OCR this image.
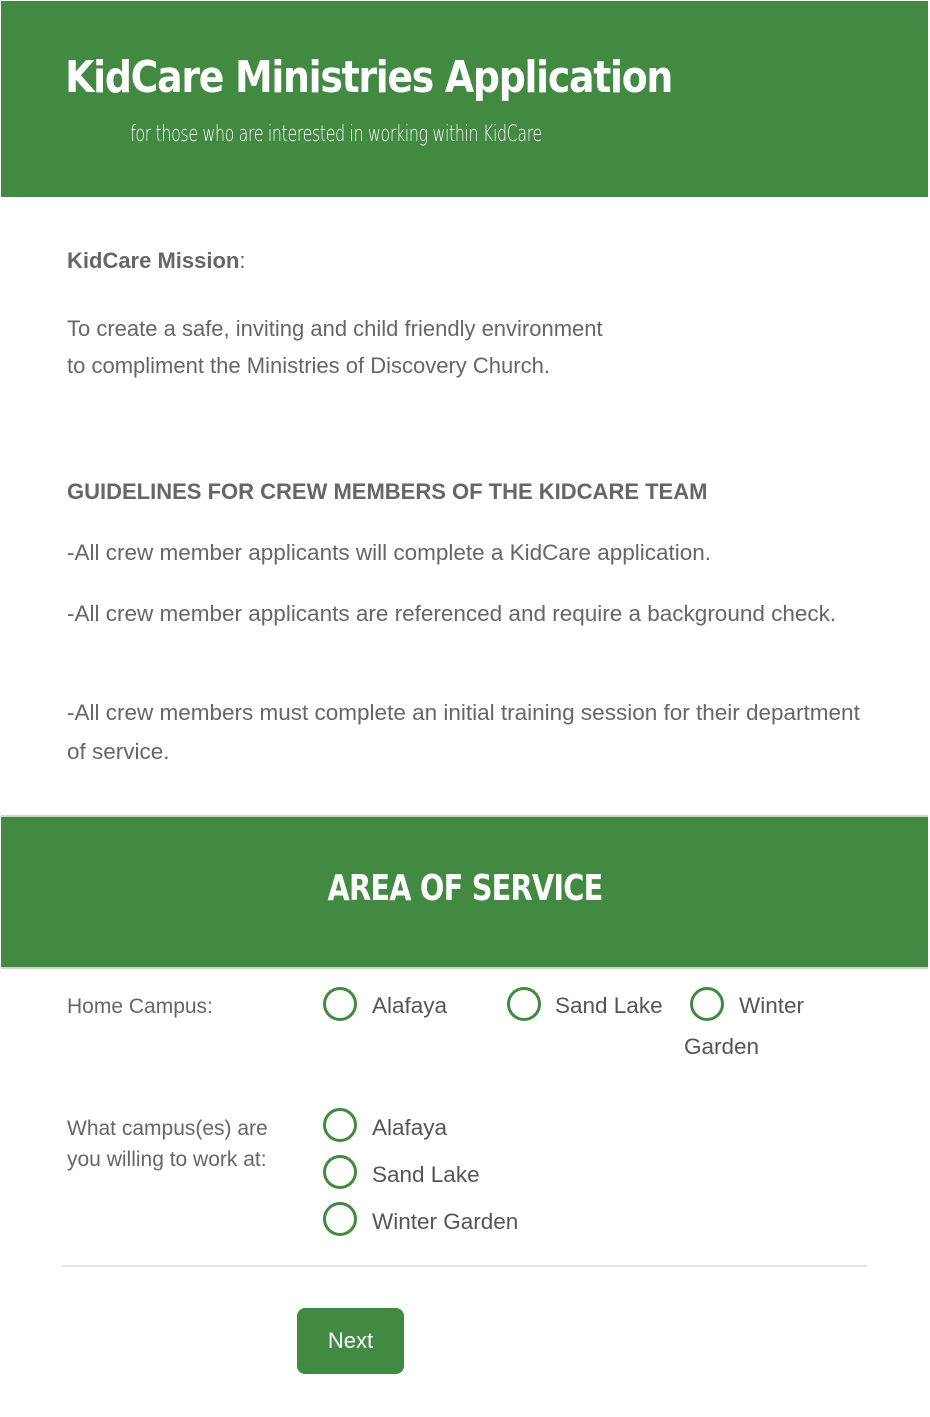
KidCare Ministries Application
for those who are interested in working within KidCare
KidCare Mission:
To create a safe, inviting and child friendly environment
to compliment the Ministries of Discovery Church.
GUIDELINES FOR CREW MEMBERS OF THE KIDCARE TEAM
-All crew member applicants will complete a KidCare application.
-All crew member applicants are referenced and require a background check.
-All crew members must complete an initial training session for their department of service.
AREA OF SERVICE
Home Campus:	Alafaya	Sand Lake	Winter
Garden
What campus(es) are
you willing to work at:
Alafaya
Sand Lake
Winter Garden
Next
